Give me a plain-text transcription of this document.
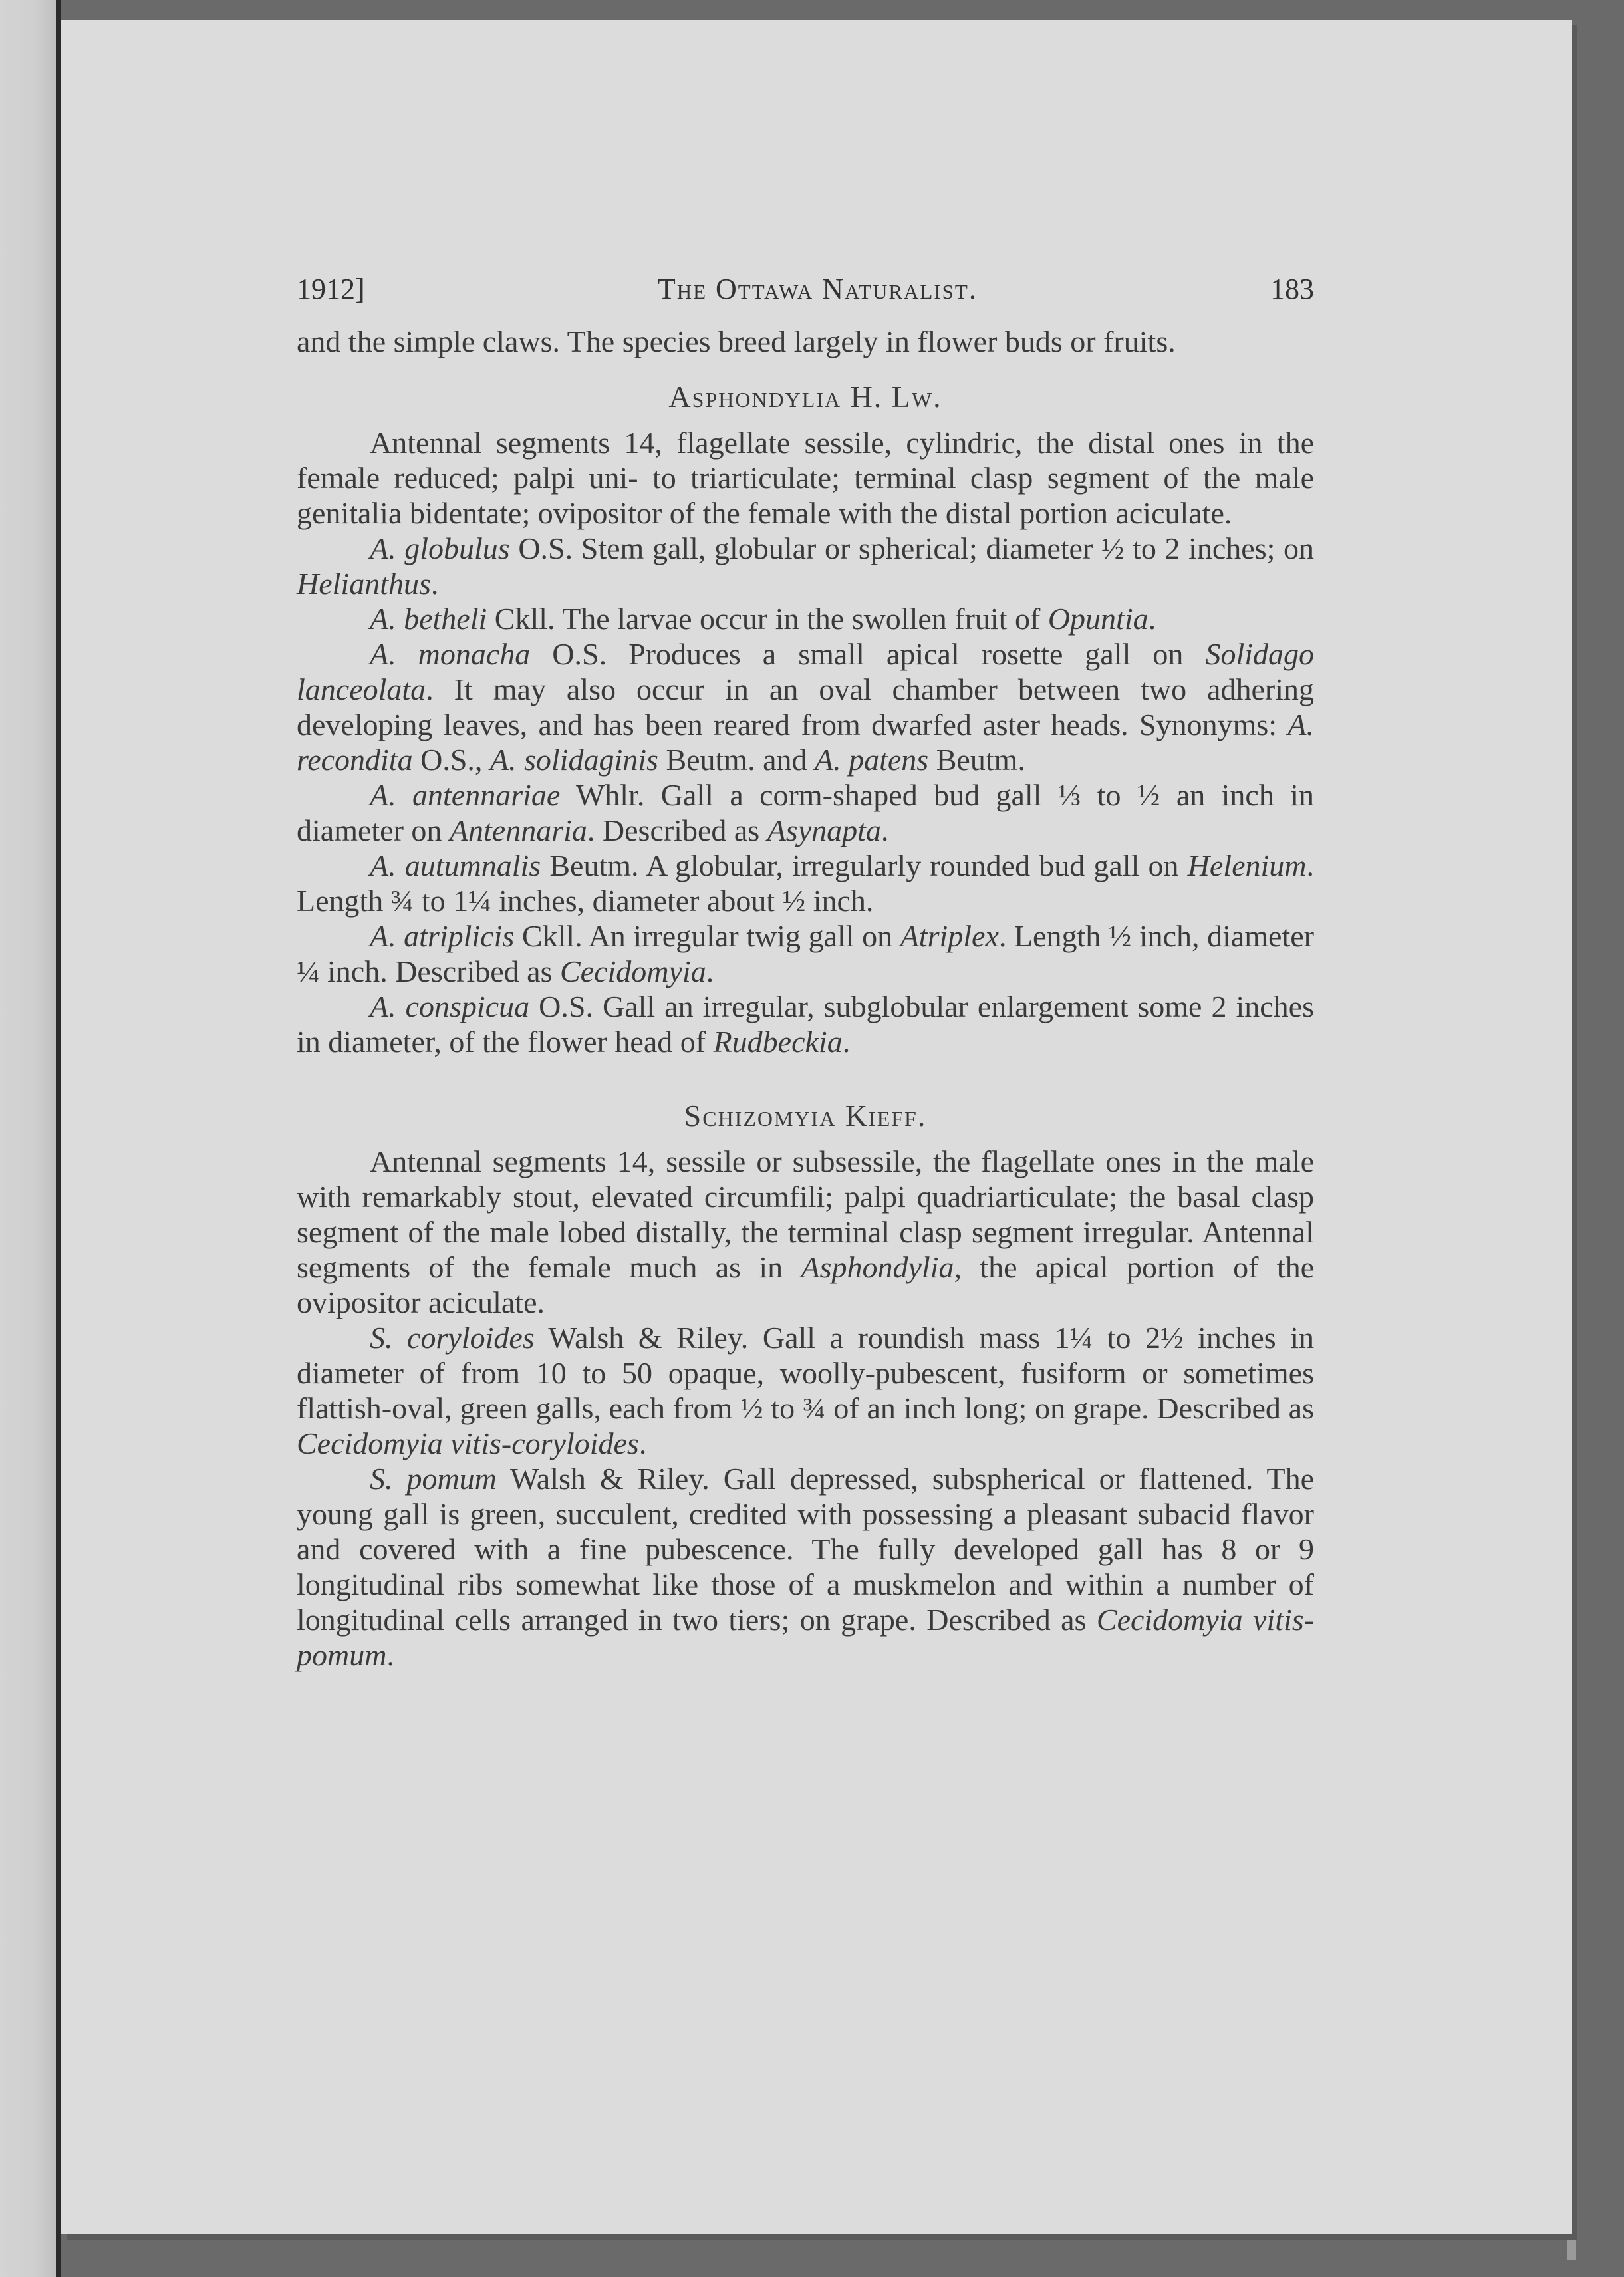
1912]	The Ottawa Naturalist.	183

and the simple claws. The species breed largely in flower buds or fruits.

Asphondylia H. Lw.

Antennal segments 14, flagellate sessile, cylindric, the distal ones in the female reduced; palpi uni- to triarticulate; terminal clasp segment of the male genitalia bidentate; ovipositor of the female with the distal portion aciculate.

A. globulus O.S. Stem gall, globular or spherical; diameter ½ to 2 inches; on Helianthus.

A. betheli Ckll. The larvae occur in the swollen fruit of Opuntia.

A. monacha O.S. Produces a small apical rosette gall on Solidago lanceolata. It may also occur in an oval chamber between two adhering developing leaves, and has been reared from dwarfed aster heads. Synonyms: A. recondita O.S., A. solidaginis Beutm. and A. patens Beutm.

A. antennariae Whlr. Gall a corm-shaped bud gall ⅓ to ½ an inch in diameter on Antennaria. Described as Asynapta.

A. autumnalis Beutm. A globular, irregularly rounded bud gall on Helenium. Length ¾ to 1¼ inches, diameter about ½ inch.

A. atriplicis Ckll. An irregular twig gall on Atriplex. Length ½ inch, diameter ¼ inch. Described as Cecidomyia.

A. conspicua O.S. Gall an irregular, subglobular enlargement some 2 inches in diameter, of the flower head of Rudbeckia.

Schizomyia Kieff.

Antennal segments 14, sessile or subsessile, the flagellate ones in the male with remarkably stout, elevated circumfili; palpi quadriarticulate; the basal clasp segment of the male lobed distally, the terminal clasp segment irregular. Antennal segments of the female much as in Asphondylia, the apical portion of the ovipositor aciculate.

S. coryloides Walsh & Riley. Gall a roundish mass 1¼ to 2½ inches in diameter of from 10 to 50 opaque, woolly-pubescent, fusiform or sometimes flattish-oval, green galls, each from ½ to ¾ of an inch long; on grape. Described as Cecidomyia vitis-coryloides.

S. pomum Walsh & Riley. Gall depressed, subspherical or flattened. The young gall is green, succulent, credited with possessing a pleasant subacid flavor and covered with a fine pubescence. The fully developed gall has 8 or 9 longitudinal ribs somewhat like those of a muskmelon and within a number of longitudinal cells arranged in two tiers; on grape. Described as Cecidomyia vitis-pomum.
